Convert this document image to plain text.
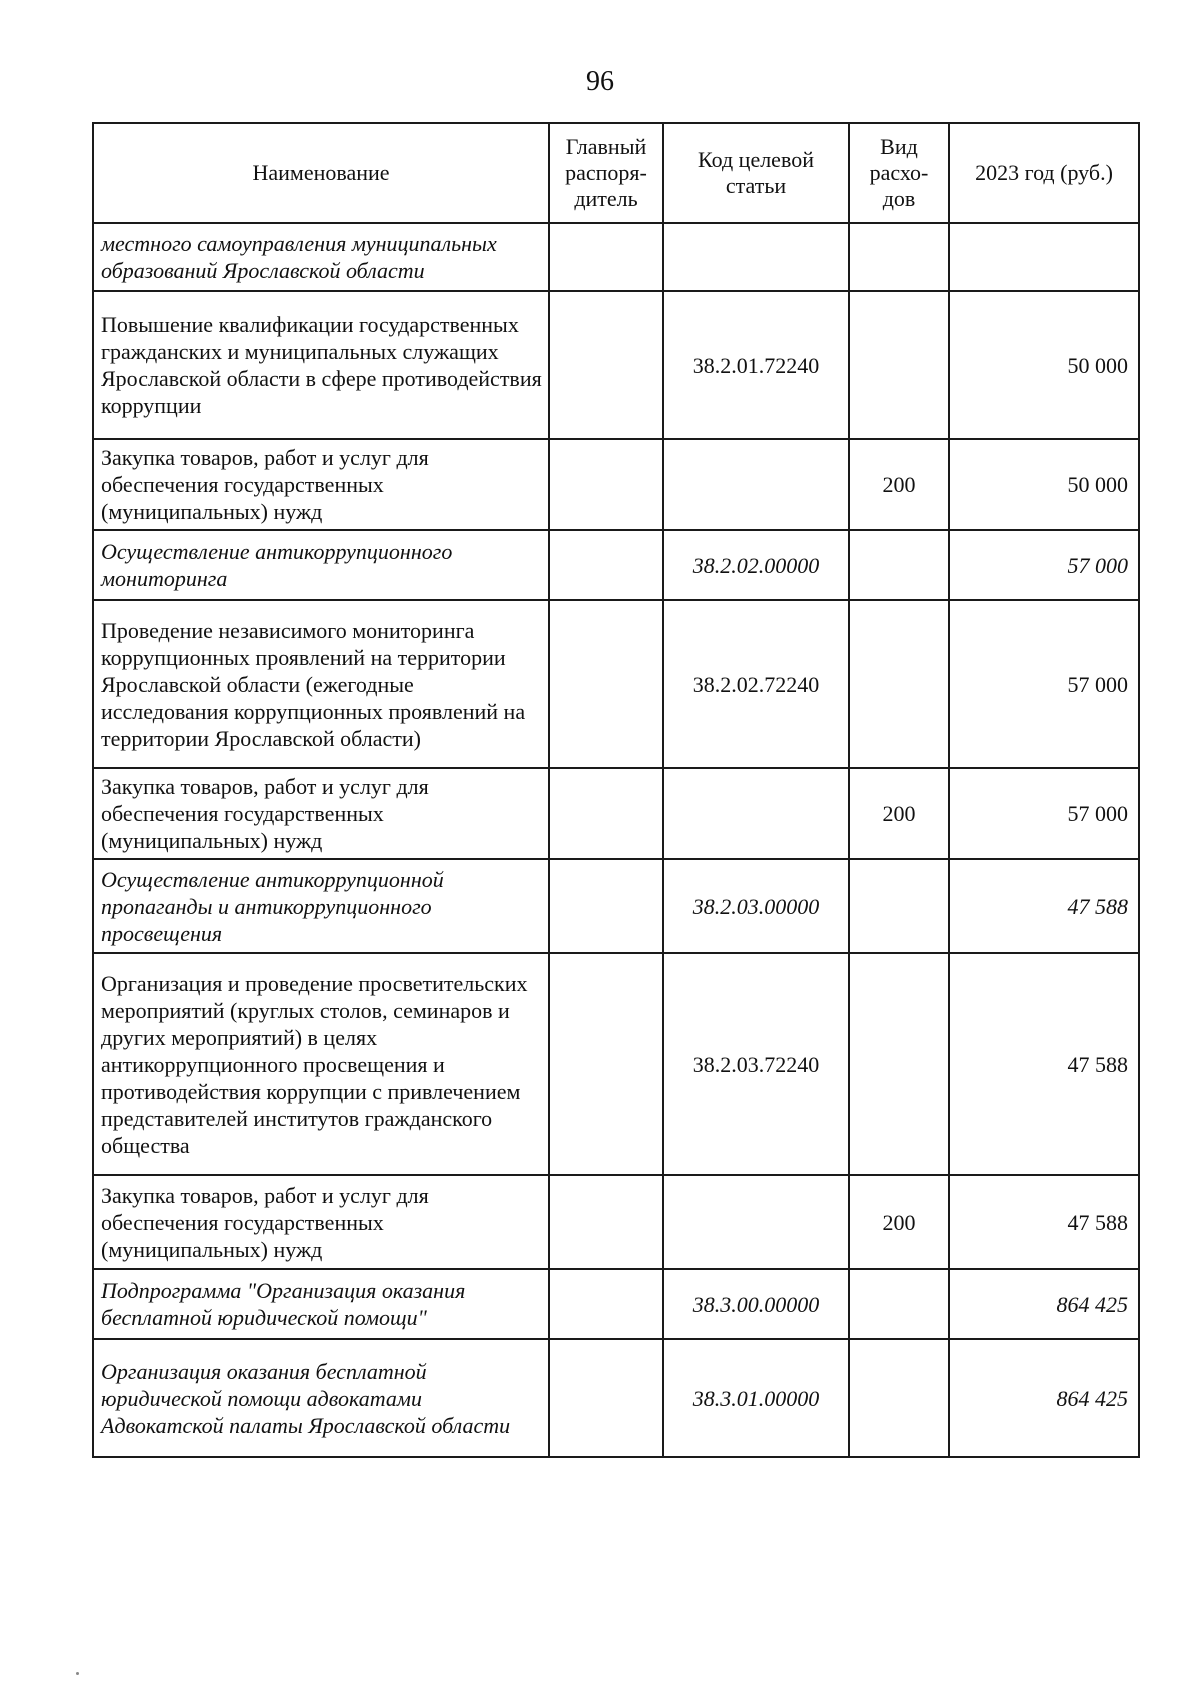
96
Наименование	Главный распоря-дитель	Код целевой статьи	Вид расхо-дов	2023 год (руб.)
местного самоуправления муниципальных образований Ярославской области				
Повышение квалификации государственных гражданских и муниципальных служащих Ярославской области в сфере противодействия коррупции		38.2.01.72240		50 000
Закупка товаров, работ и услуг для обеспечения государственных (муниципальных) нужд			200	50 000
Осуществление антикоррупционного мониторинга		38.2.02.00000		57 000
Проведение независимого мониторинга коррупционных проявлений на территории Ярославской области (ежегодные исследования коррупционных проявлений на территории Ярославской области)		38.2.02.72240		57 000
Закупка товаров, работ и услуг для обеспечения государственных (муниципальных) нужд			200	57 000
Осуществление антикоррупционной пропаганды и антикоррупционного просвещения		38.2.03.00000		47 588
Организация и проведение просветительских мероприятий (круглых столов, семинаров и других мероприятий) в целях антикоррупционного просвещения и противодействия коррупции с привлечением представителей институтов гражданского общества		38.2.03.72240		47 588
Закупка товаров, работ и услуг для обеспечения государственных (муниципальных) нужд			200	47 588
Подпрограмма "Организация оказания бесплатной юридической помощи"		38.3.00.00000		864 425
Организация оказания бесплатной юридической помощи адвокатами Адвокатской палаты Ярославской области		38.3.01.00000		864 425
